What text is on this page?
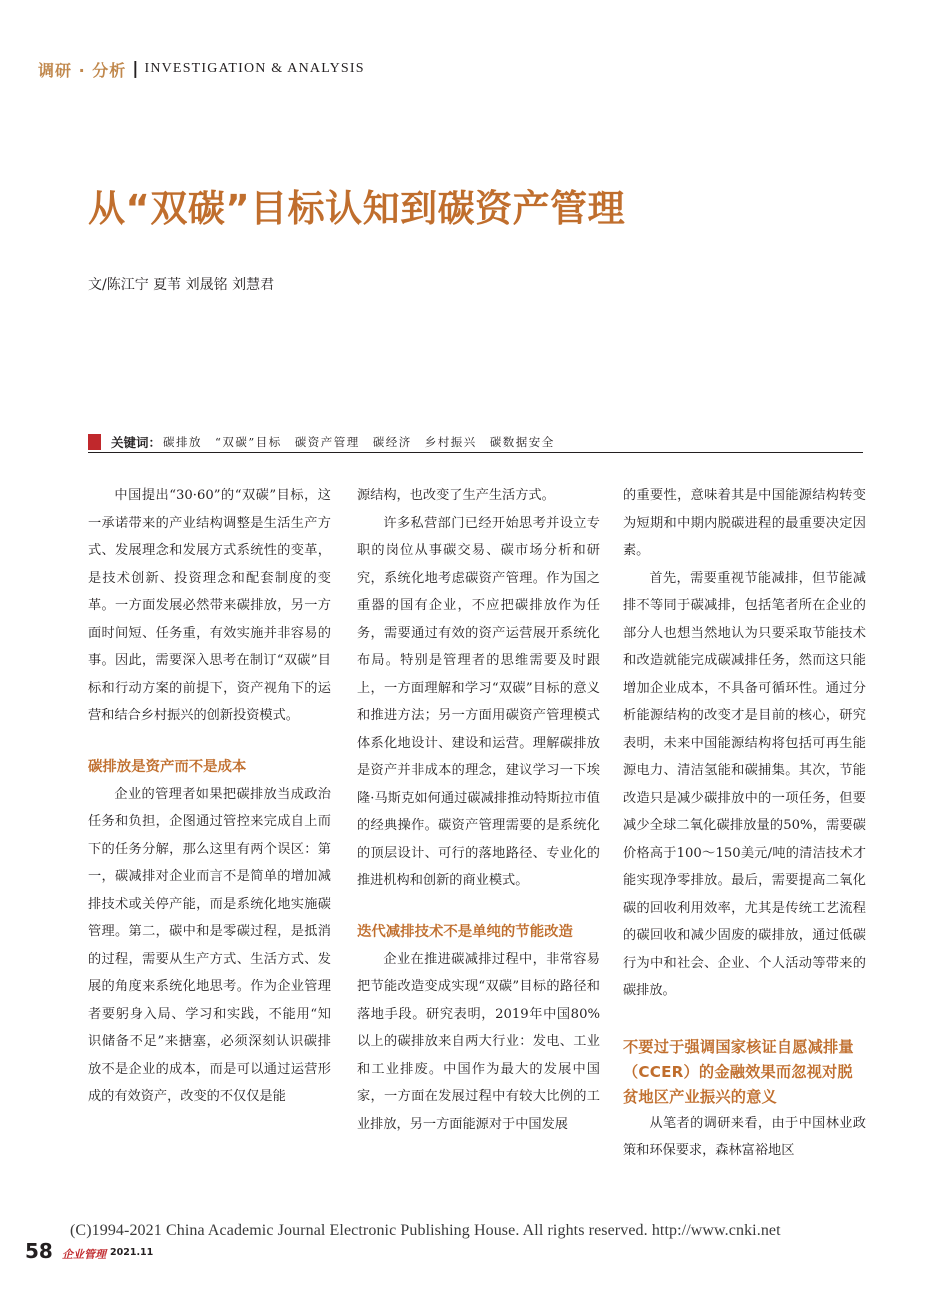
调研 · 分析 | INVESTIGATION & ANALYSIS
从“双碳”目标认知到碳资产管理
文/陈江宁 夏苇 刘晟铭 刘慧君
关键词： 碳排放 “双碳”目标 碳资产管理 碳经济 乡村振兴 碳数据安全

中国提出“30·60”的“双碳”目标，这一承诺带来的产业结构调整是生活生产方式、发展理念和发展方式系统性的变革，是技术创新、投资理念和配套制度的变革。一方面发展必然带来碳排放，另一方面时间短、任务重，有效实施并非容易的事。因此，需要深入思考在制订“双碳”目标和行动方案的前提下，资产视角下的运营和结合乡村振兴的创新投资模式。

碳排放是资产而不是成本

企业的管理者如果把碳排放当成政治任务和负担，企图通过管控来完成自上而下的任务分解，那么这里有两个误区：第一，碳减排对企业而言不是简单的增加减排技术或关停产能，而是系统化地实施碳管理。第二，碳中和是零碳过程，是抵消的过程，需要从生产方式、生活方式、发展的角度来系统化地思考。作为企业管理者要躬身入局、学习和实践，不能用“知识储备不足”来搪塞，必须深刻认识碳排放不是企业的成本，而是可以通过运营形成的有效资产，改变的不仅仅是能

源结构，也改变了生产生活方式。

许多私营部门已经开始思考并设立专职的岗位从事碳交易、碳市场分析和研究，系统化地考虑碳资产管理。作为国之重器的国有企业，不应把碳排放作为任务，需要通过有效的资产运营展开系统化布局。特别是管理者的思维需要及时跟上，一方面理解和学习“双碳”目标的意义和推进方法；另一方面用碳资产管理模式体系化地设计、建设和运营。理解碳排放是资产并非成本的理念，建议学习一下埃隆·马斯克如何通过碳减排推动特斯拉市值的经典操作。碳资产管理需要的是系统化的顶层设计、可行的落地路径、专业化的推进机构和创新的商业模式。

迭代减排技术不是单纯的节能改造

企业在推进碳减排过程中，非常容易把节能改造变成实现“双碳”目标的路径和落地手段。研究表明，2019年中国80%以上的碳排放来自两大行业：发电、工业和工业排废。中国作为最大的发展中国家，一方面在发展过程中有较大比例的工业排放，另一方面能源对于中国发展

的重要性，意味着其是中国能源结构转变为短期和中期内脱碳进程的最重要决定因素。

首先，需要重视节能减排，但节能减排不等同于碳减排，包括笔者所在企业的部分人也想当然地认为只要采取节能技术和改造就能完成碳减排任务，然而这只能增加企业成本，不具备可循环性。通过分析能源结构的改变才是目前的核心，研究表明，未来中国能源结构将包括可再生能源电力、清洁氢能和碳捕集。其次，节能改造只是减少碳排放中的一项任务，但要减少全球二氧化碳排放量的50%，需要碳价格高于100～150美元/吨的清洁技术才能实现净零排放。最后，需要提高二氧化碳的回收利用效率，尤其是传统工艺流程的碳回收和减少固废的碳排放，通过低碳行为中和社会、企业、个人活动等带来的碳排放。

不要过于强调国家核证自愿减排量（CCER）的金融效果而忽视对脱贫地区产业振兴的意义

从笔者的调研来看，由于中国林业政策和环保要求，森林富裕地区

(C)1994-2021 China Academic Journal Electronic Publishing House. All rights reserved. http://www.cnki.net
58 企业管理 2021.11
